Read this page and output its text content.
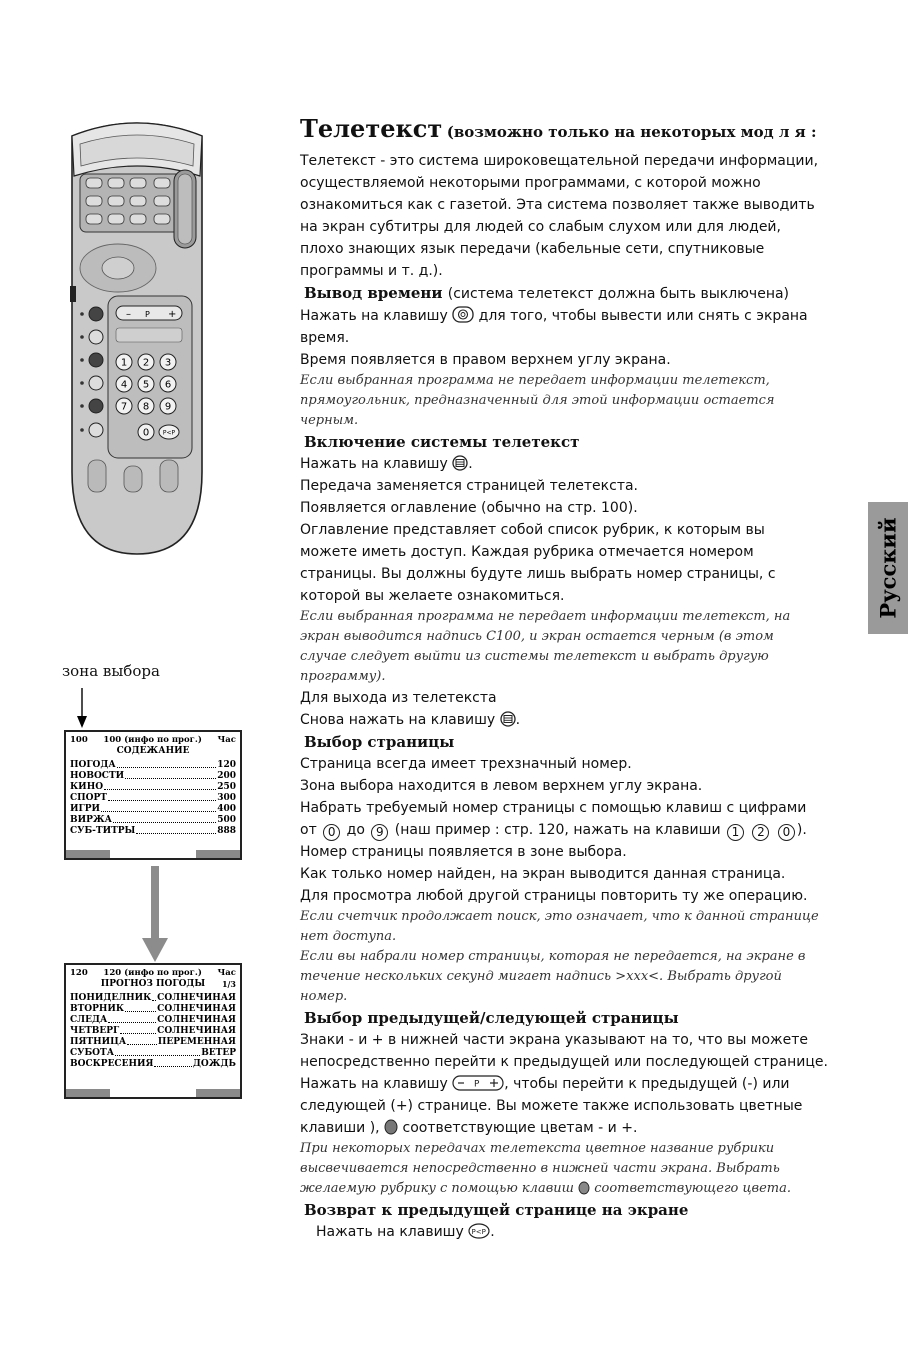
– P +
1 2 3
4 5 6
7 8 9
0 P<P
зона выбора
100 100 (инфо по прог.) Час
СОДЕЖАНИЕ
ПОГОДА	120
НОВОСТИ	200
КИНО	250
СПОРТ	300
ИГРИ	400
ВИРЖА	500
СУБ-ТИТРЫ	888
120 120 (инфо по прог.) Час
ПРОГНОЗ ПОГОДЫ 1/3
ПОНИДЕЛНИК СОЛНЕЧИНАЯ
ВТОРНИК	СОЛНЕЧИНАЯ
СЛЕДА	СОЛНЕЧИНАЯ
ЧЕТВЕРГ	СОЛНЕЧИНАЯ
ПЯТНИЦА	ПЕРЕМЕННАЯ
СУБОТА	ВЕТЕР
ВОСКРЕСЕНИЯ	ДОЖДЬ
Русский

Телетекст (возможно только на некоторых мод л я :

Телетекст - это система широковещательной передачи информации,

осуществляемой некоторыми программами, с которой можно

ознакомиться как с газетой. Эта система позволяет также выводить

на экран субтитры для людей со слабым слухом или для людей,

плохо знающих язык передачи (кабельные сети, спутниковые

программы и т. д.).

Вывод времени (система телетекст должна быть выключена)

Нажать на клавишу для того, чтобы вывести или снять с экрана

время.

Время появляется в правом верхнем углу экрана.

Если выбранная программа не передает информации телетекст,

прямоугольник, предназначенный для этой информации остается

черным.

Включение системы телетекст

Нажать на клавишу .

Передача заменяется страницей телетекста.

Появляется оглавление (обычно на стр. 100).

Оглавление представляет собой список рубрик, к которым вы

можете иметь доступ. Каждая рубрика отмечается номером

страницы. Вы должны будуте лишь выбрать номер страницы, с

которой вы желаете ознакомиться.

Если выбранная программа не передает информации телетекст, на

экран выводится надпись С100, и экран остается черным (в этом

случае следует выйти из системы телетекст и выбрать другую

программу).

Для выхода из телетекста

Снова нажать на клавишу .

Выбор страницы

Страница всегда имеет трехзначный номер.

Зона выбора находится в левом верхнем углу экрана.

Набрать требуемый номер страницы с помощью клавиш с цифрами

от 0 до 9 (наш пример : стр. 120, нажать на клавиши 1 2 0 ).

Номер страницы появляется в зоне выбора.

Как только номер найден, на экран выводится данная страница.

Для просмотра любой другой страницы повторить ту же операцию.

Если счетчик продолжает поиск, это означает, что к данной странице

нет доступа.

Если вы набрали номер страницы, которая не передается, на экране в

течение нескольких секунд мигает надпись >xxx<. Выбрать другой

номер.

Выбор предыдущей/следующей страницы

Знаки - и + в нижней части экрана указывают на то, что вы можете

непосредственно перейти к предыдущей или последующей странице.

Нажать на клавишу	P , чтобы перейти к предыдущей (-) или

следующей (+) странице. Вы можете также использовать цветные

клавиши ), соответствующие цветам - и +.

При некоторых передачах телетекста цветное название рубрики

высвечивается непосредственно в нижней части экрана. Выбрать

желаемую рубрику с помощью клавиш соответствующего цвета.

Возврат к предыдущей странице на экране

Нажать на клавишу P<P .
